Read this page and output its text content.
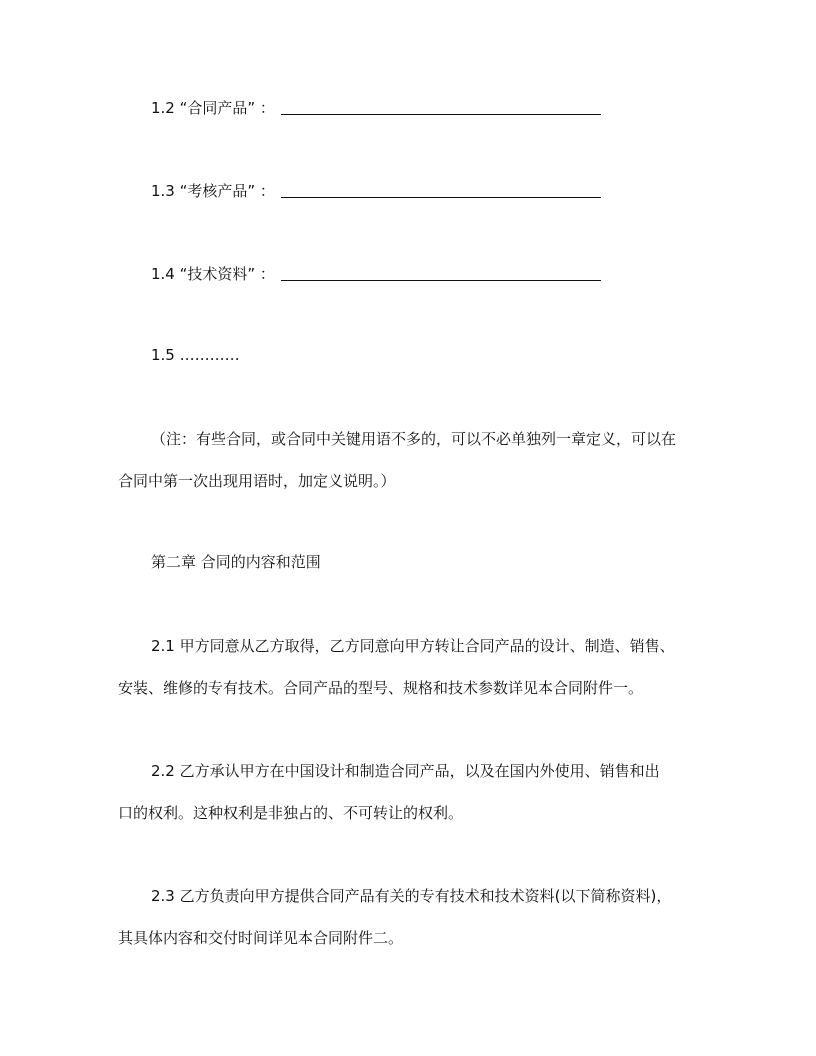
1.2 “合同产品” ：
1.3 “考核产品” ：
1.4 “技术资料” ：
1.5 …………
（注：有些合同，或合同中关键用语不多的，可以不必单独列一章定义，可以在
合同中第一次出现用语时，加定义说明。）
第二章 合同的内容和范围
2.1 甲方同意从乙方取得，乙方同意向甲方转让合同产品的设计、制造、销售、
安装、维修的专有技术。合同产品的型号、规格和技术参数详见本合同附件一。
2.2 乙方承认甲方在中国设计和制造合同产品，以及在国内外使用、销售和出
口的权利。这种权利是非独占的、不可转让的权利。
2.3 乙方负责向甲方提供合同产品有关的专有技术和技术资料(以下简称资料)，
其具体内容和交付时间详见本合同附件二。
